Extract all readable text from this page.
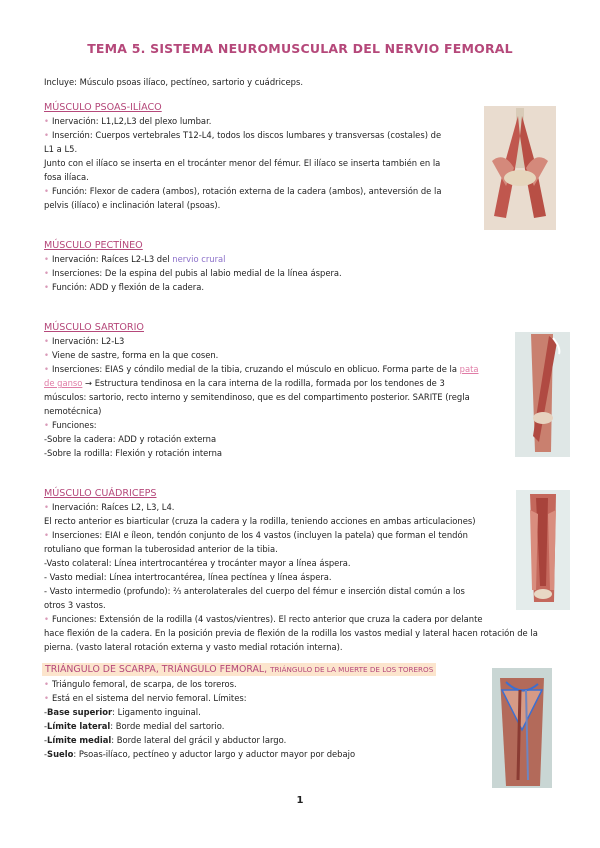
TEMA 5. SISTEMA NEUROMUSCULAR DEL NERVIO FEMORAL
Incluye: Músculo psoas ilíaco, pectíneo, sartorio y cuádriceps.
MÚSCULO PSOAS-ILÍACO
• Inervación: L1,L2,L3 del plexo lumbar.
• Inserción: Cuerpos vertebrales T12-L4, todos los discos lumbares y transversas (costales) de
L1 a L5.
Junto con el ilíaco se inserta en el trocánter menor del fémur. El ilíaco se inserta también en la
fosa ilíaca.
• Función: Flexor de cadera (ambos), rotación externa de la cadera (ambos), anteversión de la
pelvis (ilíaco) e inclinación lateral (psoas).
MÚSCULO PECTÍNEO
• Inervación: Raíces L2-L3 del nervio crural
• Inserciones: De la espina del pubis al labio medial de la línea áspera.
• Función: ADD y flexión de la cadera.
MÚSCULO SARTORIO
• Inervación: L2-L3
• Viene de sastre, forma en la que cosen.
• Inserciones: EIAS y cóndilo medial de la tibia, cruzando el músculo en oblicuo. Forma parte de la pata
de ganso → Estructura tendinosa en la cara interna de la rodilla, formada por los tendones de 3
músculos: sartorio, recto interno y semitendinoso, que es del compartimento posterior. SARITE (regla
nemotécnica)
• Funciones:
-Sobre la cadera: ADD y rotación externa
-Sobre la rodilla: Flexión y rotación interna
MÚSCULO CUÁDRICEPS
• Inervación: Raíces L2, L3, L4.
El recto anterior es biarticular (cruza la cadera y la rodilla, teniendo acciones en ambas articulaciones)
• Inserciones: EIAI e íleon, tendón conjunto de los 4 vastos (incluyen la patela) que forman el tendón
rotuliano que forman la tuberosidad anterior de la tibia.
-Vasto colateral: Línea intertrocantérea y trocánter mayor a línea áspera.
- Vasto medial: Línea intertrocantérea, línea pectínea y línea áspera.
- Vasto intermedio (profundo): ⅔ anterolaterales del cuerpo del fémur e inserción distal común a los
otros 3 vastos.
• Funciones: Extensión de la rodilla (4 vastos/vientres). El recto anterior que cruza la cadera por delante
hace flexión de la cadera. En la posición previa de flexión de la rodilla los vastos medial y lateral hacen rotación de la
pierna. (vasto lateral rotación externa y vasto medial rotación interna).
TRIÁNGULO DE SCARPA, TRIÁNGULO FEMORAL, TRIÁNGULO DE LA MUERTE DE LOS TOREROS
• Triángulo femoral, de scarpa, de los toreros.
• Está en el sistema del nervio femoral. Límites:
-Base superior: Ligamento inguinal.
-Límite lateral: Borde medial del sartorio.
-Límite medial: Borde lateral del grácil y abductor largo.
-Suelo: Psoas-ilíaco, pectíneo y aductor largo y aductor mayor por debajo
1
